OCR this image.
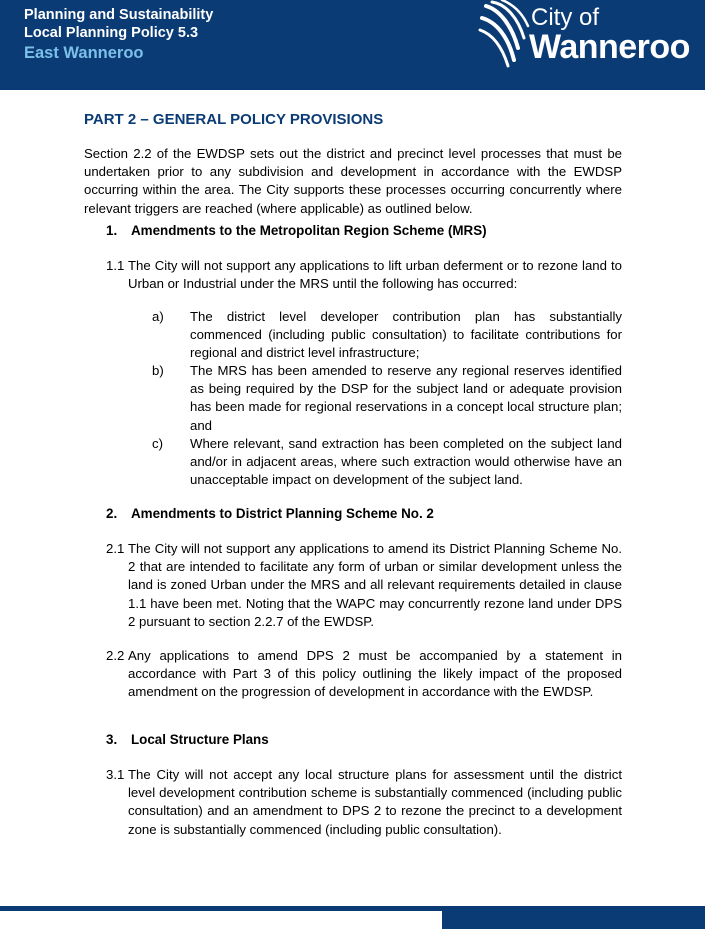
Planning and Sustainability
Local Planning Policy 5.3
East Wanneroo
City of
Wanneroo
PART 2 – GENERAL POLICY PROVISIONS
Section 2.2 of the EWDSP sets out the district and precinct level processes that must be undertaken prior to any subdivision and development in accordance with the EWDSP occurring within the area. The City supports these processes occurring concurrently where relevant triggers are reached (where applicable) as outlined below.
1. Amendments to the Metropolitan Region Scheme (MRS)
1.1 The City will not support any applications to lift urban deferment or to rezone land to Urban or Industrial under the MRS until the following has occurred:
a) The district level developer contribution plan has substantially commenced (including public consultation) to facilitate contributions for regional and district level infrastructure;
b) The MRS has been amended to reserve any regional reserves identified as being required by the DSP for the subject land or adequate provision has been made for regional reservations in a concept local structure plan; and
c) Where relevant, sand extraction has been completed on the subject land and/or in adjacent areas, where such extraction would otherwise have an unacceptable impact on development of the subject land.
2. Amendments to District Planning Scheme No. 2
2.1 The City will not support any applications to amend its District Planning Scheme No. 2 that are intended to facilitate any form of urban or similar development unless the land is zoned Urban under the MRS and all relevant requirements detailed in clause 1.1 have been met. Noting that the WAPC may concurrently rezone land under DPS 2 pursuant to section 2.2.7 of the EWDSP.
2.2 Any applications to amend DPS 2 must be accompanied by a statement in accordance with Part 3 of this policy outlining the likely impact of the proposed amendment on the progression of development in accordance with the EWDSP.
3. Local Structure Plans
3.1 The City will not accept any local structure plans for assessment until the district level development contribution scheme is substantially commenced (including public consultation) and an amendment to DPS 2 to rezone the precinct to a development zone is substantially commenced (including public consultation).
